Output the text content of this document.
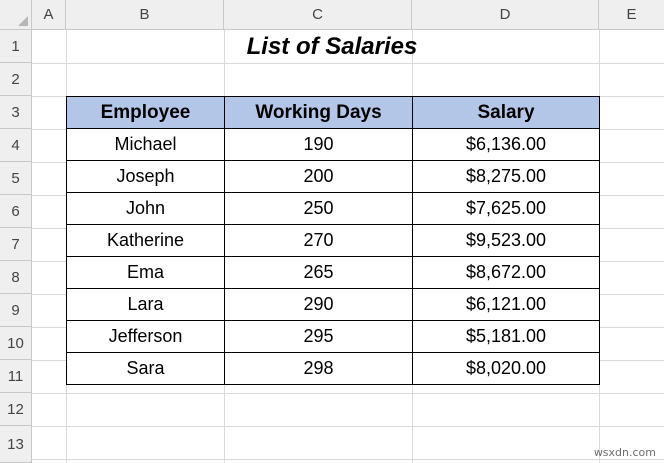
A	B	C	D	E
1
2
3
4
5
6
7
8
9
10
11
12
13
List of Salaries
Employee	Working Days	Salary
Michael	190	$6,136.00
Joseph	200	$8,275.00
John	250	$7,625.00
Katherine	270	$9,523.00
Ema	265	$8,672.00
Lara	290	$6,121.00
Jefferson	295	$5,181.00
Sara	298	$8,020.00
wsxdn.com
